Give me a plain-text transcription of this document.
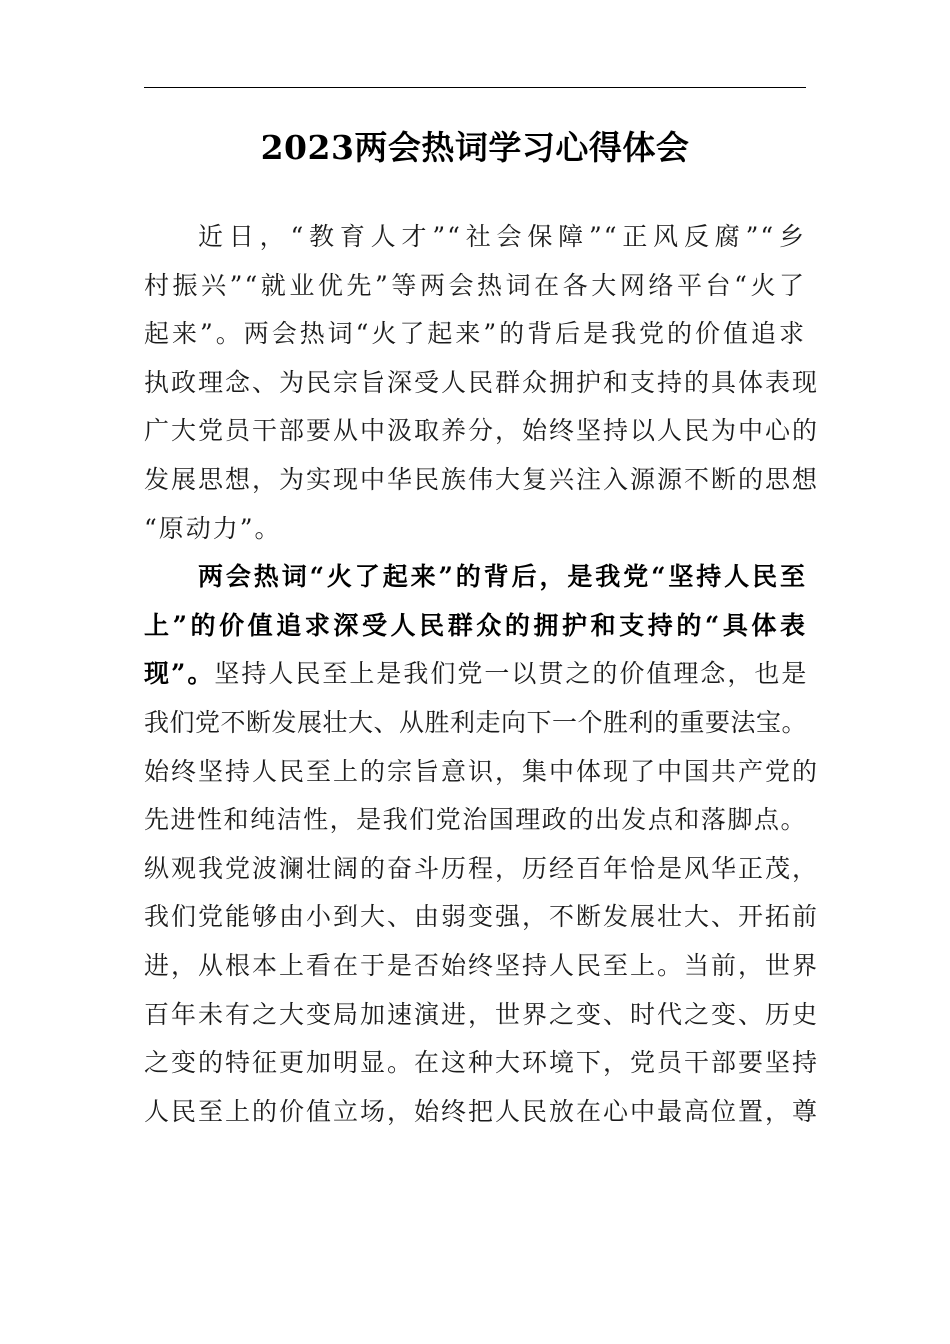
2023两会热词学习心得体会
近日，“教育人才”“社会保障”“正风反腐”“乡
村振兴”“就业优先”等两会热词在各大网络平台“火了
起来”。两会热词“火了起来”的背后是我党的价值追求
执政理念、为民宗旨深受人民群众拥护和支持的具体表现
广大党员干部要从中汲取养分，始终坚持以人民为中心的
发展思想，为实现中华民族伟大复兴注入源源不断的思想
“原动力”。
两会热词“火了起来”的背后，是我党“坚持人民至
上”的价值追求深受人民群众的拥护和支持的“具体表
现”。坚持人民至上是我们党一以贯之的价值理念，也是
我们党不断发展壮大、从胜利走向下一个胜利的重要法宝。
始终坚持人民至上的宗旨意识，集中体现了中国共产党的
先进性和纯洁性，是我们党治国理政的出发点和落脚点。
纵观我党波澜壮阔的奋斗历程，历经百年恰是风华正茂，
我们党能够由小到大、由弱变强，不断发展壮大、开拓前
进，从根本上看在于是否始终坚持人民至上。当前，世界
百年未有之大变局加速演进，世界之变、时代之变、历史
之变的特征更加明显。在这种大环境下，党员干部要坚持
人民至上的价值立场，始终把人民放在心中最高位置，尊
